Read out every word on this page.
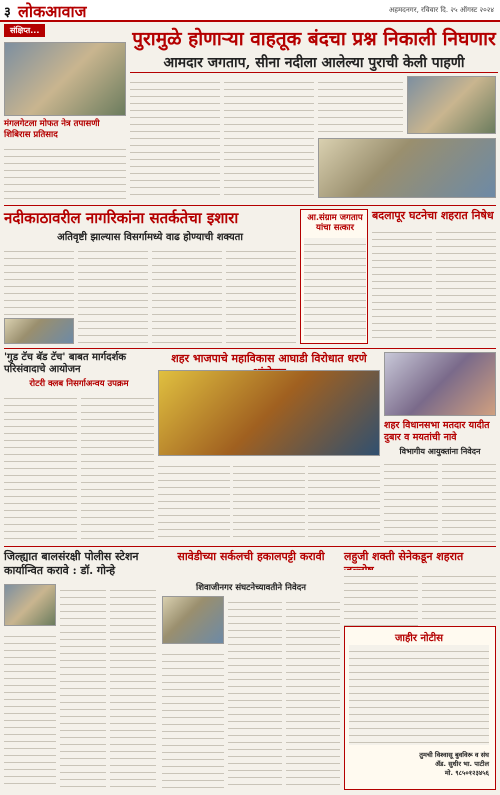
३ लोकआवाज	अहमदनगर, रविवार दि. २५ ऑगस्ट २०२४
संक्षिप्त...	पुरामुळे होणाऱ्या वाहतूक बंदचा प्रश्न निकाली निघणार
आमदार जगताप, सीना नदीला आलेल्या पुराची केली पाहणी
मंगलगेटला मोफत नेत्र तपासणी शिबिरास प्रतिसाद
नदीकाठावरील नागरिकांना सतर्कतेचा इशारा
अतिवृष्टी झाल्यास विसर्गामध्ये वाढ होण्याची शक्यता
आ.संग्राम जगताप यांचा सत्कार
बदलापूर घटनेचा शहरात निषेध
'गुड टॅच बॅड टॅच' बाबत मार्गदर्शक परिसंवादाचे आयोजन
रोटरी क्लब निसर्गाअन्वय उपक्रम
शहर भाजपाचे महाविकास आघाडी विरोधात धरणे
शहर विधानसभा मतदार यादीत दुबार व मयतांची नावे
विभागीय आयुक्तांना निवेदन
जिल्ह्यात बालसंरक्षी पोलीस स्टेशन कार्यान्वित करावे : डॉ. गोन्हे
सावेडीच्या सर्कलची हकालपट्टी करावी
शिवाजीनगर संघटनेच्यावतीने निवेदन
लहुजी शक्ती सेनेकडून शहरात
जाहीर नोटीस
तुमची विश्वासू बुवविरू व संघ
ॲड. सुधीर भा. पाटील
मो. ९८५०१२३४५६
